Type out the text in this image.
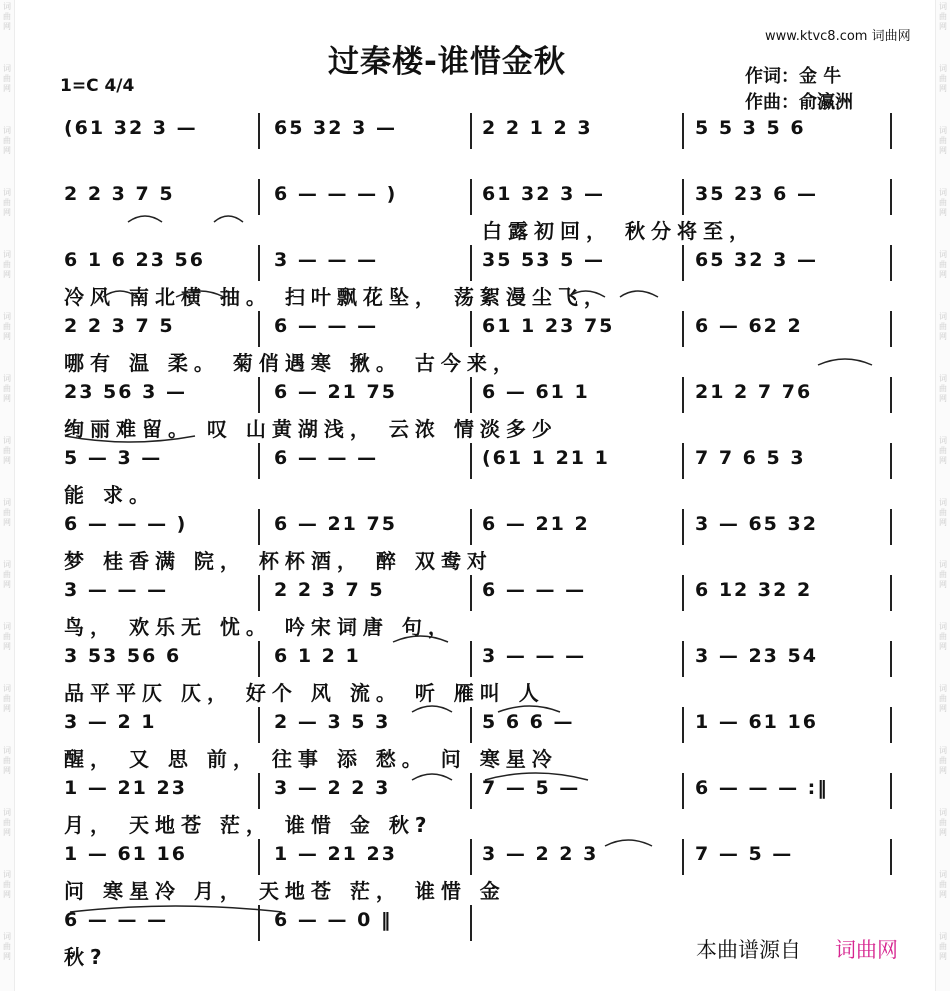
词
曲
网
词
曲
网
词
曲
网
词
曲
网
词
曲
网
词
曲
网
词
曲
网
词
曲
网
词
曲
网
词
曲
网
词
曲
网
词
曲
网
词
曲
网
词
曲
网
词
曲
网
词
曲
网
词
曲
网
词
曲
网
词
曲
网
词
曲
网
词
曲
网
词
曲
网
词
曲
网
词
曲
网
词
曲
网
词
曲
网
词
曲
网
词
曲
网
词
曲
网
词
曲
网
词
曲
网
词
曲
网
www.ktvc8.com 词曲网
过秦楼-谁惜金秋
1=C 4/4	作词：金 牛
作曲：俞瀛洲
(61 32 3 —	65 32 3 —	2 2 1 2 3	5 5 3 5 6
2 2 3 7 5	6 — — — )	61 32 3 —	35 23 6 —
白露初回， 秋分将至，
6 1 6 23 56	3 — — —	35 53 5 —	65 32 3 —
冷风 南北横 抽。 扫叶飘花坠， 荡絮漫尘飞，
2 2 3 7 5	6 — — —	61 1 23 75	6 — 62 2
哪有 温 柔。 菊俏遇寒 揪。 古今来，
23 56 3 —	6 — 21 75	6 — 61 1	21 2 7 76
绚丽难留。 叹 山黄湖浅， 云浓 情淡多少
5 — 3 —	6 — — —	(61 1 21 1	7 7 6 5 3
能 求。
6 — — — )	6 — 21 75	6 — 21 2	3 — 65 32
梦 桂香满 院， 杯杯酒， 醉 双鸯对
3 — — —	2 2 3 7 5	6 — — —	6 12 32 2
鸟， 欢乐无 忧。 吟宋词唐 句，
3 53 56 6	6 1 2 1	3 — — —	3 — 23 54
品平平仄 仄， 好个 风 流。 听 雁叫 人
3 — 2 1	2 — 3 5 3	5 6 6 —	1 — 61 16
醒， 又 思 前， 往事 添 愁。 问 寒星冷
1 — 21 23	3 — 2 2 3	7 — 5 —	6 — — — :‖
月， 天地苍 茫， 谁惜 金 秋?
1 — 61 16	1 — 21 23	3 — 2 2 3	7 — 5 —
问 寒星冷 月， 天地苍 茫， 谁惜 金
6 — — —	6 — — 0 ‖
秋?	本曲谱源自 词曲网
